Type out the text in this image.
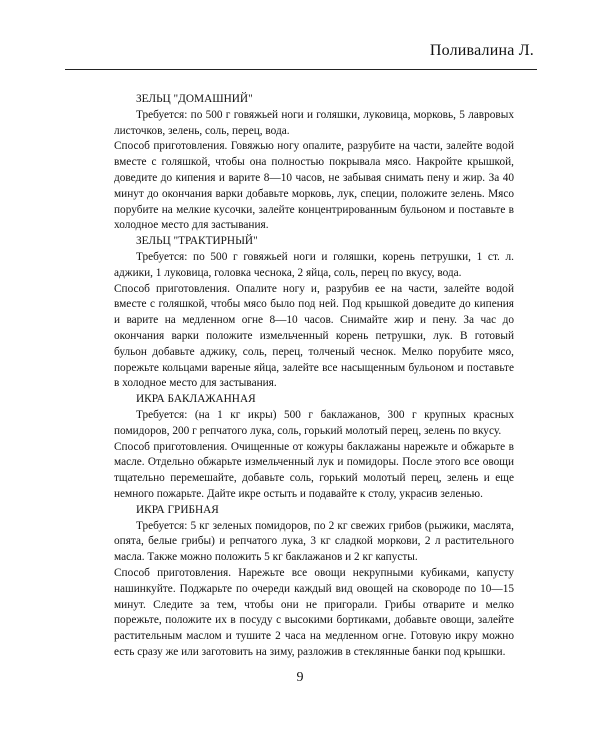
Поливалина Л.

ЗЕЛЬЦ "ДОМАШНИЙ"

Требуется: по 500 г говяжьей ноги и голяшки, луковица, морковь, 5 лавровых листочков, зелень, соль, перец, вода.

Способ приготовления. Говяжью ногу опалите, разрубите на части, залейте водой вместе с голяшкой, чтобы она полностью покрывала мясо. Накройте крышкой, доведите до кипения и варите 8—10 часов, не забывая снимать пену и жир. За 40 минут до окончания варки добавьте морковь, лук, специи, положите зелень. Мясо порубите на мелкие кусочки, залейте концентрированным бульоном и поставьте в холодное место для застывания.

ЗЕЛЬЦ "ТРАКТИРНЫЙ"

Требуется: по 500 г говяжьей ноги и голяшки, корень петрушки, 1 ст. л. аджики, 1 луковица, головка чеснока, 2 яйца, соль, перец по вкусу, вода.

Способ приготовления. Опалите ногу и, разрубив ее на части, залейте водой вместе с голяшкой, чтобы мясо было под ней. Под крышкой доведите до кипения и варите на медленном огне 8—10 часов. Снимайте жир и пену. За час до окончания варки положите измельченный корень петрушки, лук. В готовый бульон добавьте аджику, соль, перец, толченый чеснок. Мелко порубите мясо, порежьте кольцами вареные яйца, залейте все насыщенным бульоном и поставьте в холодное место для застывания.

ИКРА БАКЛАЖАННАЯ

Требуется: (на 1 кг икры) 500 г баклажанов, 300 г крупных красных помидоров, 200 г репчатого лука, соль, горький молотый перец, зелень по вкусу.

Способ приготовления. Очищенные от кожуры баклажаны нарежьте и обжарьте в масле. Отдельно обжарьте измельченный лук и помидоры. После этого все овощи тщательно перемешайте, добавьте соль, горький молотый перец, зелень и еще немного пожарьте. Дайте икре остыть и подавайте к столу, украсив зеленью.

ИКРА ГРИБНАЯ

Требуется: 5 кг зеленых помидоров, по 2 кг свежих грибов (рыжики, маслята, опята, белые грибы) и репчатого лука, 3 кг сладкой моркови, 2 л растительного масла. Также можно положить 5 кг баклажанов и 2 кг капусты.

Способ приготовления. Нарежьте все овощи некрупными кубиками, капусту нашинкуйте. Поджарьте по очереди каждый вид овощей на сковороде по 10—15 минут. Следите за тем, чтобы они не пригорали. Грибы отварите и мелко порежьте, положите их в посуду с высокими бортиками, добавьте овощи, залейте растительным маслом и тушите 2 часа на медленном огне. Готовую икру можно есть сразу же или заготовить на зиму, разложив в стеклянные банки под крышки.

9
